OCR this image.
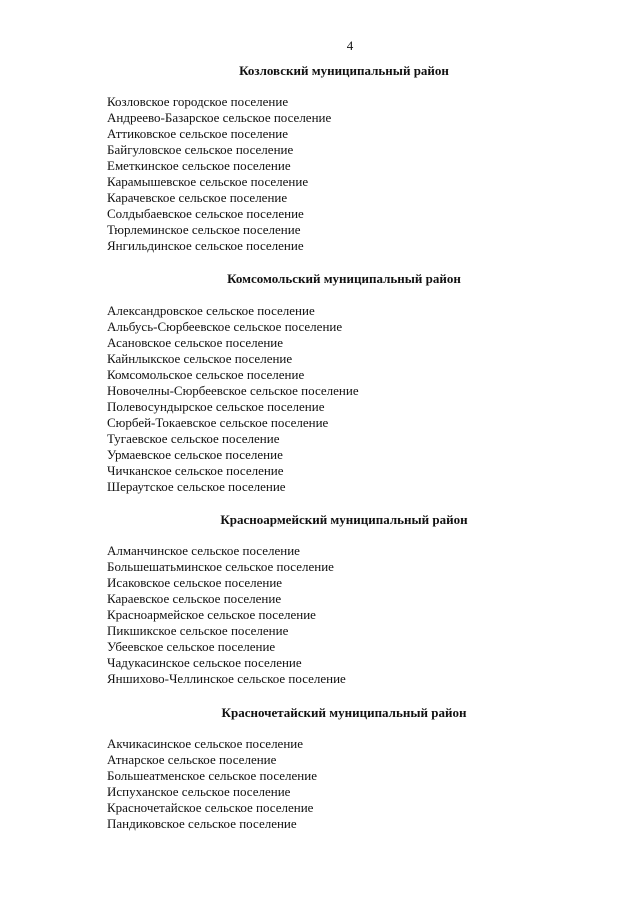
4
Козловский муниципальный район
Козловское городское поселение
Андреево-Базарское сельское поселение
Аттиковское сельское поселение
Байгуловское сельское поселение
Еметкинское сельское поселение
Карамышевское сельское поселение
Карачевское сельское поселение
Солдыбаевское сельское поселение
Тюрлеминское сельское поселение
Янгильдинское сельское поселение
Комсомольский муниципальный район
Александровское сельское поселение
Альбусь-Сюрбеевское сельское поселение
Асановское сельское поселение
Кайнлыкское сельское поселение
Комсомольское сельское поселение
Новочелны-Сюрбеевское сельское поселение
Полевосундырское сельское поселение
Сюрбей-Токаевское сельское поселение
Тугаевское сельское поселение
Урмаевское сельское поселение
Чичканское сельское поселение
Шераутское сельское поселение
Красноармейский муниципальный район
Алманчинское сельское поселение
Большешатьминское сельское поселение
Исаковское сельское поселение
Караевское сельское поселение
Красноармейское сельское поселение
Пикшикское сельское поселение
Убеевское сельское поселение
Чадукасинское сельское поселение
Яншихово-Челлинское сельское поселение
Красночетайский муниципальный район
Акчикасинское сельское поселение
Атнарское сельское поселение
Большеатменское сельское поселение
Испуханское сельское поселение
Красночетайское сельское поселение
Пандиковское сельское поселение
